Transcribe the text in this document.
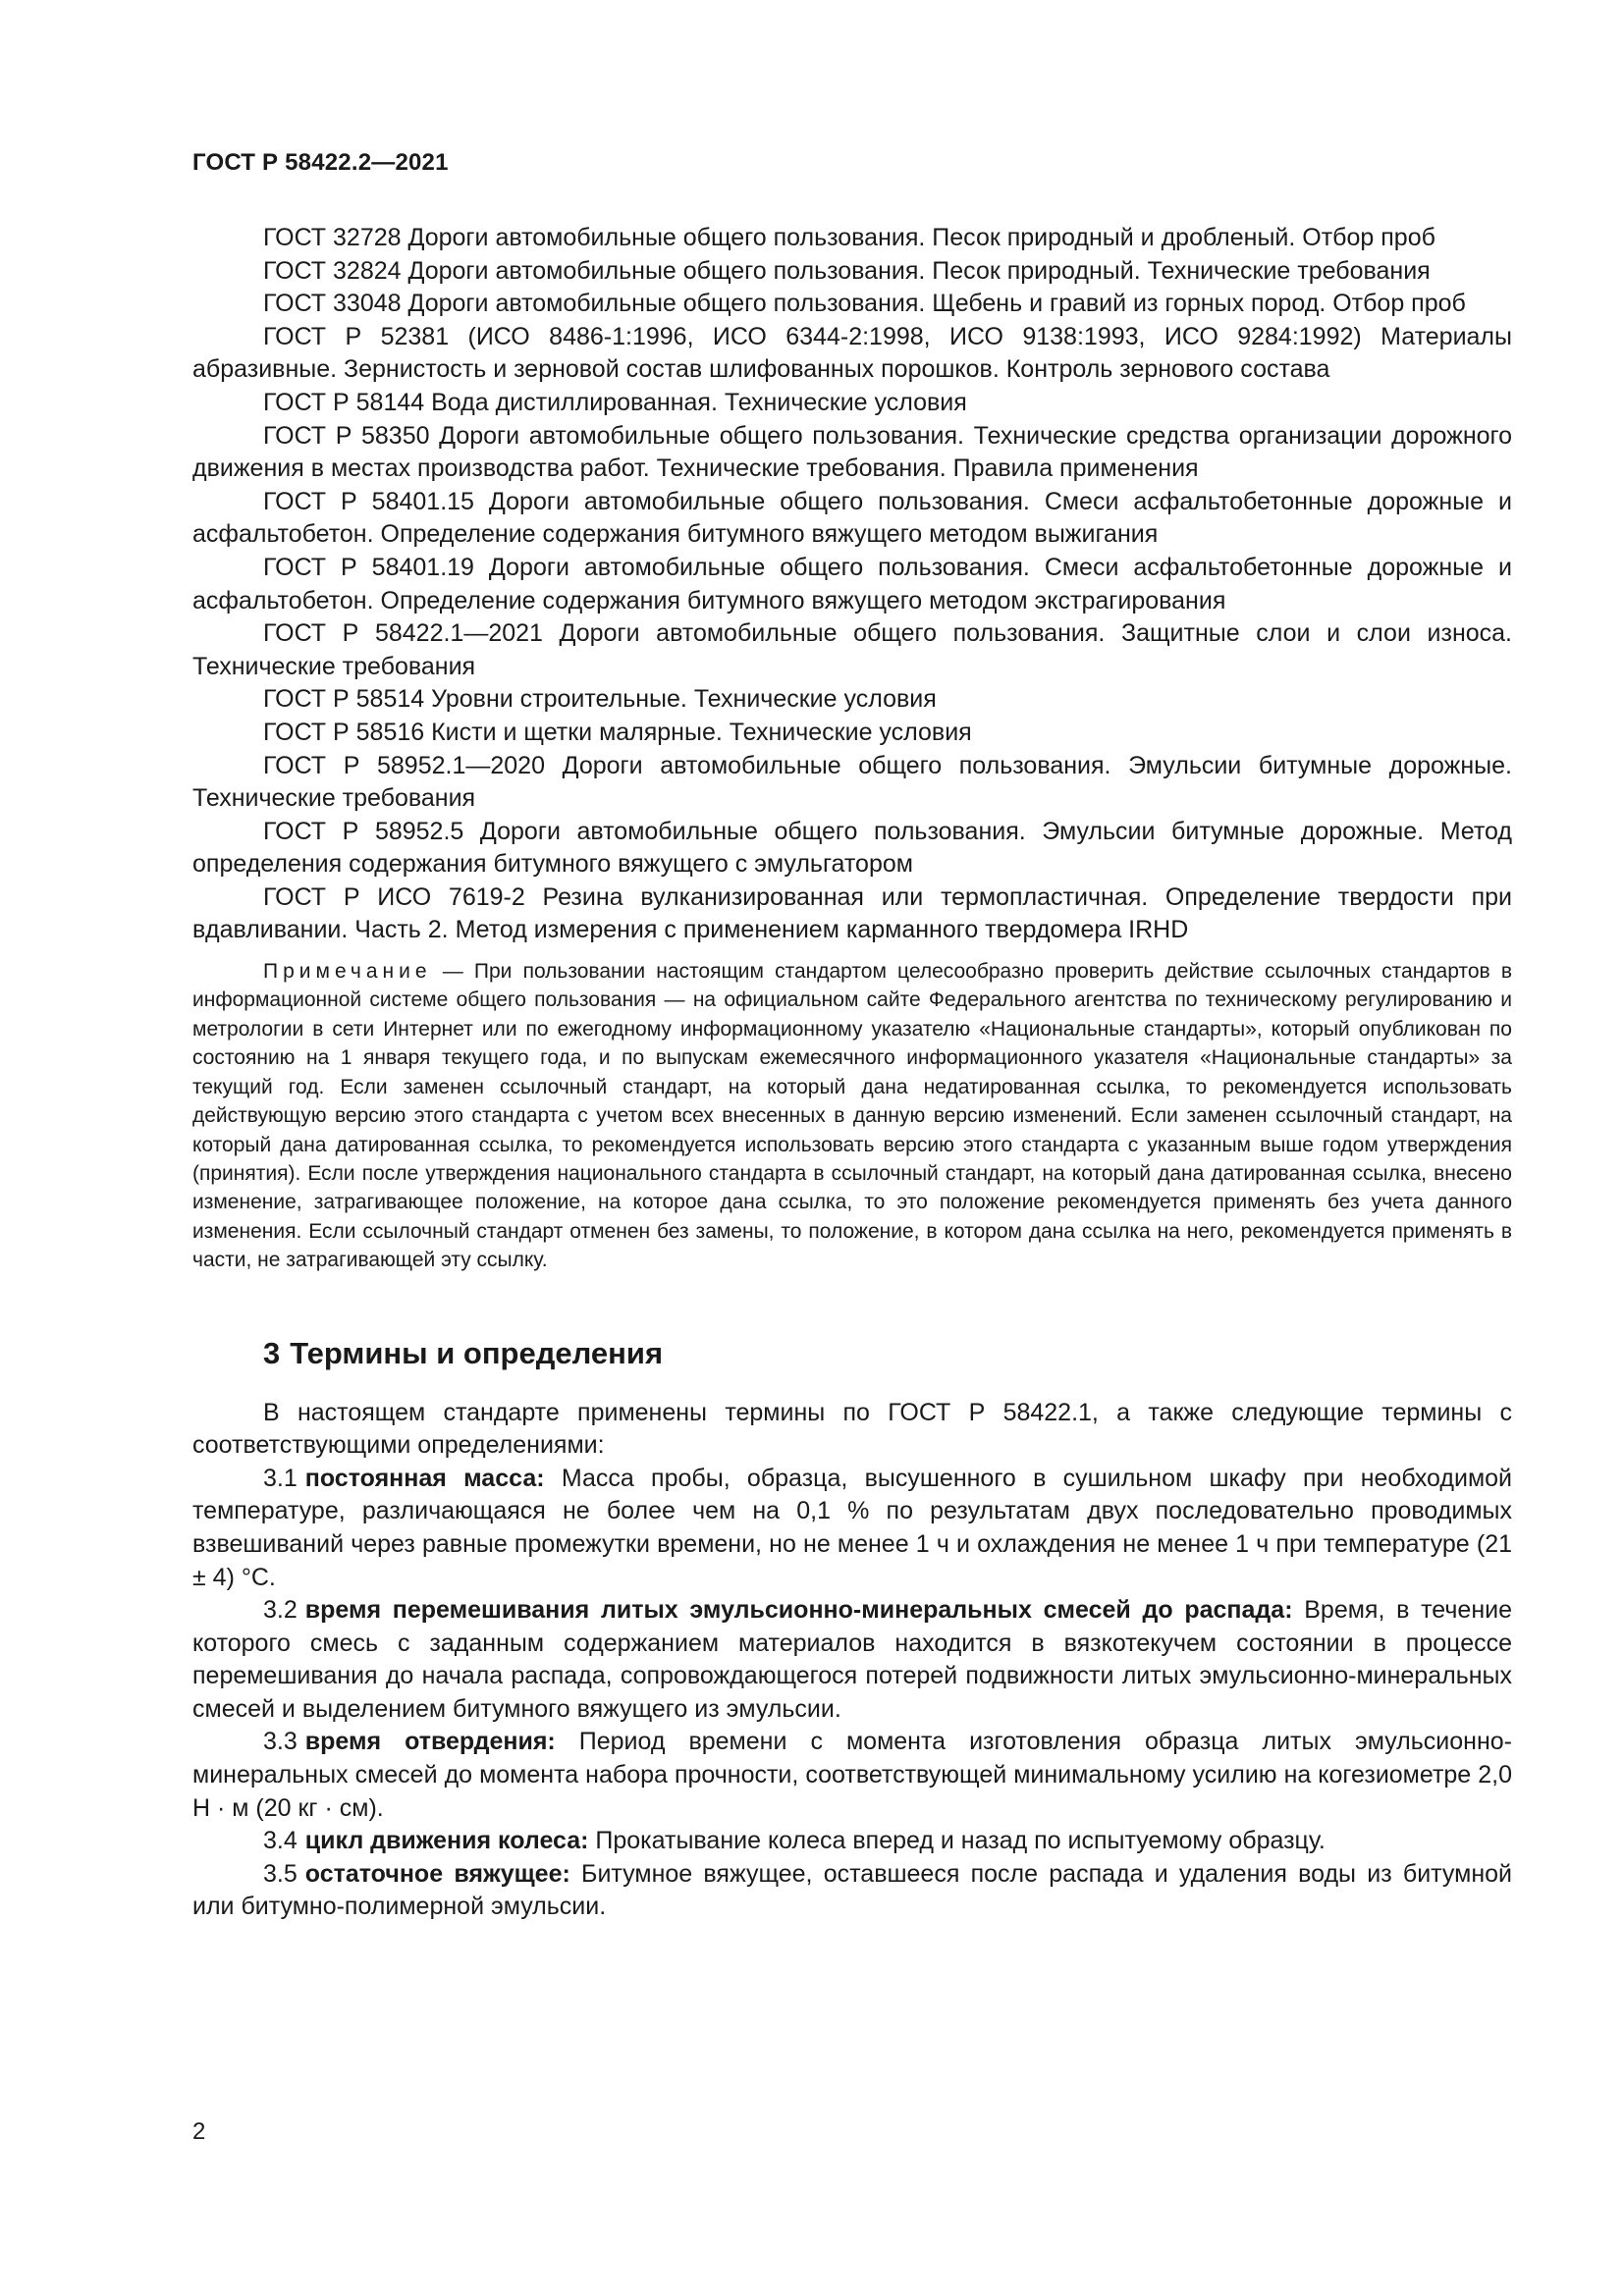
ГОСТ Р 58422.2—2021

ГОСТ 32728 Дороги автомобильные общего пользования. Песок природный и дробленый. Отбор проб

ГОСТ 32824 Дороги автомобильные общего пользования. Песок природный. Технические требования

ГОСТ 33048 Дороги автомобильные общего пользования. Щебень и гравий из горных пород. Отбор проб

ГОСТ Р 52381 (ИСО 8486-1:1996, ИСО 6344-2:1998, ИСО 9138:1993, ИСО 9284:1992) Материалы абразивные. Зернистость и зерновой состав шлифованных порошков. Контроль зернового состава

ГОСТ Р 58144 Вода дистиллированная. Технические условия

ГОСТ Р 58350 Дороги автомобильные общего пользования. Технические средства организации дорожного движения в местах производства работ. Технические требования. Правила применения

ГОСТ Р 58401.15 Дороги автомобильные общего пользования. Смеси асфальтобетонные дорожные и асфальтобетон. Определение содержания битумного вяжущего методом выжигания

ГОСТ Р 58401.19 Дороги автомобильные общего пользования. Смеси асфальтобетонные дорожные и асфальтобетон. Определение содержания битумного вяжущего методом экстрагирования

ГОСТ Р 58422.1—2021 Дороги автомобильные общего пользования. Защитные слои и слои износа. Технические требования

ГОСТ Р 58514 Уровни строительные. Технические условия

ГОСТ Р 58516 Кисти и щетки малярные. Технические условия

ГОСТ Р 58952.1—2020 Дороги автомобильные общего пользования. Эмульсии битумные дорожные. Технические требования

ГОСТ Р 58952.5 Дороги автомобильные общего пользования. Эмульсии битумные дорожные. Метод определения содержания битумного вяжущего с эмульгатором

ГОСТ Р ИСО 7619-2 Резина вулканизированная или термопластичная. Определение твердости при вдавливании. Часть 2. Метод измерения с применением карманного твердомера IRHD

Примечание — При пользовании настоящим стандартом целесообразно проверить действие ссылочных стандартов в информационной системе общего пользования — на официальном сайте Федерального агентства по техническому регулированию и метрологии в сети Интернет или по ежегодному информационному указателю «Национальные стандарты», который опубликован по состоянию на 1 января текущего года, и по выпускам ежемесячного информационного указателя «Национальные стандарты» за текущий год. Если заменен ссылочный стандарт, на который дана недатированная ссылка, то рекомендуется использовать действующую версию этого стандарта с учетом всех внесенных в данную версию изменений. Если заменен ссылочный стандарт, на который дана датированная ссылка, то рекомендуется использовать версию этого стандарта с указанным выше годом утверждения (принятия). Если после утверждения национального стандарта в ссылочный стандарт, на который дана датированная ссылка, внесено изменение, затрагивающее положение, на которое дана ссылка, то это положение рекомендуется применять без учета данного изменения. Если ссылочный стандарт отменен без замены, то положение, в котором дана ссылка на него, рекомендуется применять в части, не затрагивающей эту ссылку.

3 Термины и определения

В настоящем стандарте применены термины по ГОСТ Р 58422.1, а также следующие термины с соответствующими определениями:

3.1 постоянная масса: Масса пробы, образца, высушенного в сушильном шкафу при необходимой температуре, различающаяся не более чем на 0,1 % по результатам двух последовательно проводимых взвешиваний через равные промежутки времени, но не менее 1 ч и охлаждения не менее 1 ч при температуре (21 ± 4) °С.

3.2 время перемешивания литых эмульсионно-минеральных смесей до распада: Время, в течение которого смесь с заданным содержанием материалов находится в вязкотекучем состоянии в процессе перемешивания до начала распада, сопровождающегося потерей подвижности литых эмульсионно-минеральных смесей и выделением битумного вяжущего из эмульсии.

3.3 время отвердения: Период времени с момента изготовления образца литых эмульсионно-минеральных смесей до момента набора прочности, соответствующей минимальному усилию на когезиометре 2,0 Н · м (20 кг · см).

3.4 цикл движения колеса: Прокатывание колеса вперед и назад по испытуемому образцу.

3.5 остаточное вяжущее: Битумное вяжущее, оставшееся после распада и удаления воды из битумной или битумно-полимерной эмульсии.

2
